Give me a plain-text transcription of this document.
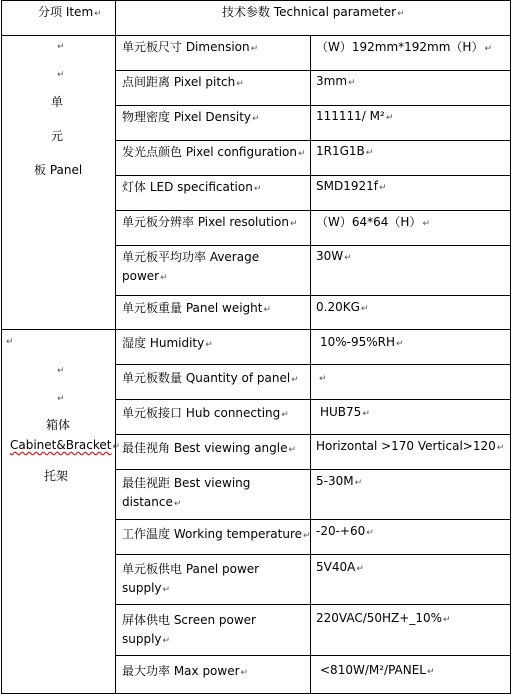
分项 Item↵	技术参数 Technical parameter↵
↵
↵
单
元
板 Panel
↵
↵
↵
箱体
Cabinet&Bracket↵
托架
单元板尺寸 Dimension↵
点间距离 Pixel pitch↵
物理密度 Pixel Density↵
发光点颜色 Pixel configuration↵
灯体 LED specification↵
单元板分辨率 Pixel resolution↵
单元板平均功率 Average
power↵
单元板重量 Panel weight↵
湿度 Humidity↵
单元板数量 Quantity of panel↵
单元板接口 Hub connecting↵
最佳视角 Best viewing angle↵
最佳视距 Best viewing
distance↵
工作温度 Working temperature↵
单元板供电 Panel power
supply↵
屏体供电 Screen power
supply↵
最大功率 Max power↵
（W）192mm*192mm（H）↵
3mm↵
111111/ M²↵
1R1G1B↵
SMD1921f↵
（W）64*64（H）↵
30W↵
0.20KG↵
10%-95%RH↵
↵
HUB75↵
Horizontal >170 Vertical>120↵
5-30M↵
-20-+60↵
5V40A↵
220VAC/50HZ+_10%↵
<810W/M²/PANEL↵
